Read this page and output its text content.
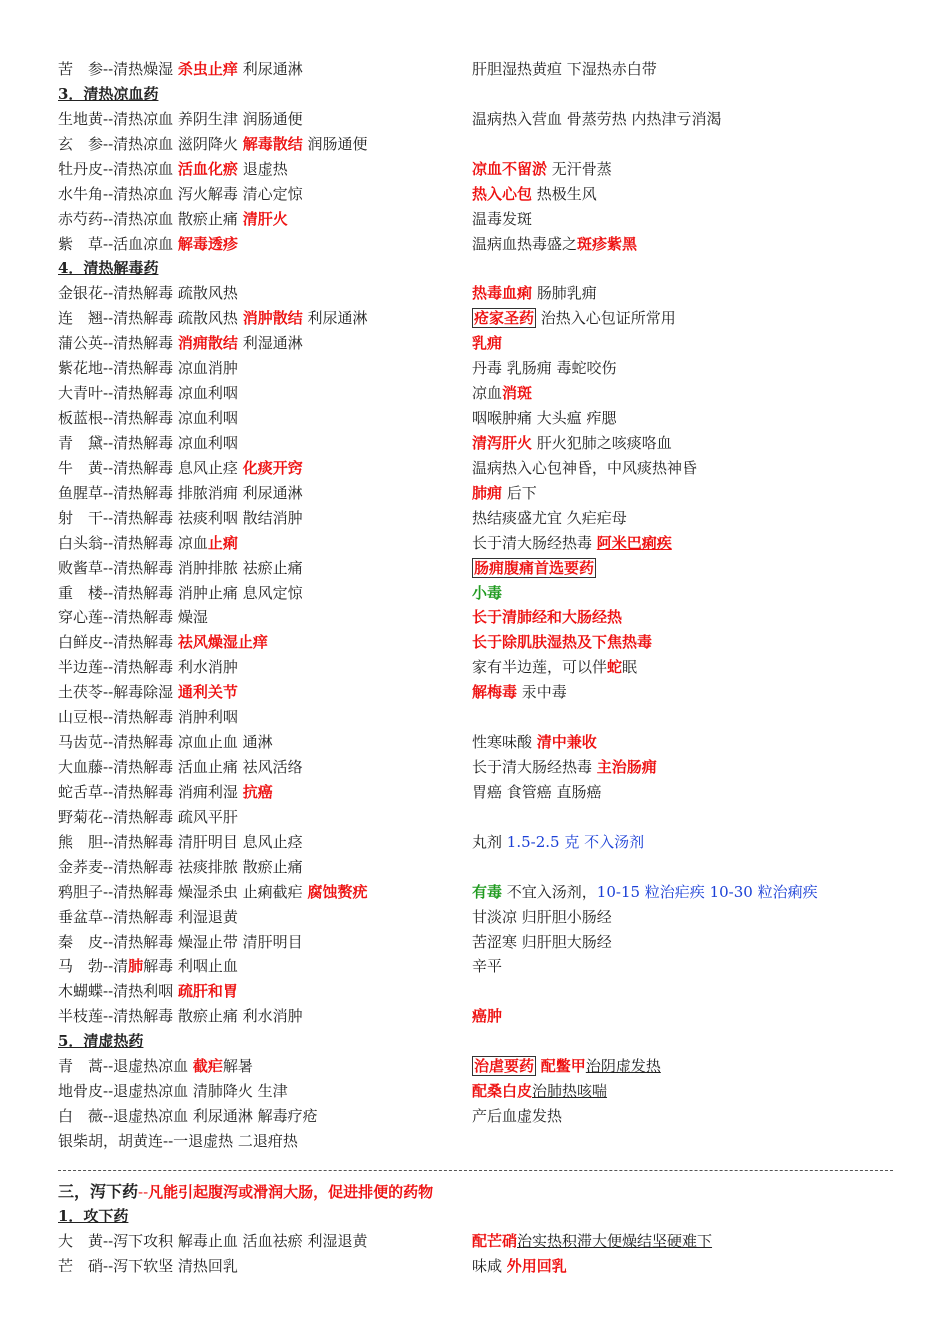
苦　参--清热燥湿 杀虫止痒 利尿通淋	肝胆湿热黄疸 下湿热赤白带
3．清热凉血药
生地黄--清热凉血 养阴生津 润肠通便	温病热入营血 骨蒸劳热 内热津亏消渴
玄　参--清热凉血 滋阴降火 解毒散结 润肠通便
牡丹皮--清热凉血 活血化瘀 退虚热	凉血不留淤 无汗骨蒸
水牛角--清热凉血 泻火解毒 清心定惊	热入心包 热极生风
赤芍药--清热凉血 散瘀止痛 清肝火	温毒发斑
紫　草--活血凉血 解毒透疹	温病血热毒盛之斑疹紫黑
4．清热解毒药
金银花--清热解毒 疏散风热	热毒血痢 肠肺乳痈
连　翘--清热解毒 疏散风热 消肿散结 利尿通淋	疮家圣药 治热入心包证所常用
蒲公英--清热解毒 消痈散结 利湿通淋	乳痈
紫花地--清热解毒 凉血消肿	丹毒 乳肠痈 毒蛇咬伤
大青叶--清热解毒 凉血利咽	凉血消斑
板蓝根--清热解毒 凉血利咽	咽喉肿痛 大头瘟 痄腮
青　黛--清热解毒 凉血利咽	清泻肝火 肝火犯肺之咳痰咯血
牛　黄--清热解毒 息风止痉 化痰开窍	温病热入心包神昏，中风痰热神昏
鱼腥草--清热解毒 排脓消痈 利尿通淋	肺痈 后下
射　干--清热解毒 祛痰利咽 散结消肿	热结痰盛尤宜 久疟疟母
白头翁--清热解毒 凉血止痢	长于清大肠经热毒 阿米巴痢疾
败酱草--清热解毒 消肿排脓 祛瘀止痛	肠痈腹痛首选要药
重　楼--清热解毒 消肿止痛 息风定惊	小毒
穿心莲--清热解毒 燥湿	长于清肺经和大肠经热
白鲜皮--清热解毒 祛风燥湿止痒	长于除肌肤湿热及下焦热毒
半边莲--清热解毒 利水消肿	家有半边莲，可以伴蛇眠
土茯苓--解毒除湿 通利关节	解梅毒 汞中毒
山豆根--清热解毒 消肿利咽
马齿苋--清热解毒 凉血止血 通淋	性寒味酸 清中兼收
大血藤--清热解毒 活血止痛 祛风活络	长于清大肠经热毒 主治肠痈
蛇舌草--清热解毒 消痈利湿 抗癌	胃癌 食管癌 直肠癌
野菊花--清热解毒 疏风平肝
熊　胆--清热解毒 清肝明目 息风止痉	丸剂 1.5-2.5 克 不入汤剂
金荞麦--清热解毒 祛痰排脓 散瘀止痛
鸦胆子--清热解毒 燥湿杀虫 止痢截疟 腐蚀赘疣	有毒 不宜入汤剂，10-15 粒治疟疾 10-30 粒治痢疾
垂盆草--清热解毒 利湿退黄	甘淡凉 归肝胆小肠经
秦　皮--清热解毒 燥湿止带 清肝明目	苦涩寒 归肝胆大肠经
马　勃--清肺解毒 利咽止血	辛平
木蝴蝶--清热利咽 疏肝和胃
半枝莲--清热解毒 散瘀止痛 利水消肿	癌肿
5．清虚热药
青　蒿--退虚热凉血 截疟解暑	治虐要药 配鳖甲治阴虚发热
地骨皮--退虚热凉血 清肺降火 生津	配桑白皮治肺热咳喘
白　薇--退虚热凉血 利尿通淋 解毒疗疮	产后血虚发热
银柴胡，胡黄连--一退虚热 二退疳热
三，泻下药--凡能引起腹泻或滑润大肠，促进排便的药物
1．攻下药
大　黄--泻下攻积 解毒止血 活血祛瘀 利湿退黄	配芒硝治实热积滞大便燥结坚硬难下
芒　硝--泻下软坚 清热回乳	味咸 外用回乳
